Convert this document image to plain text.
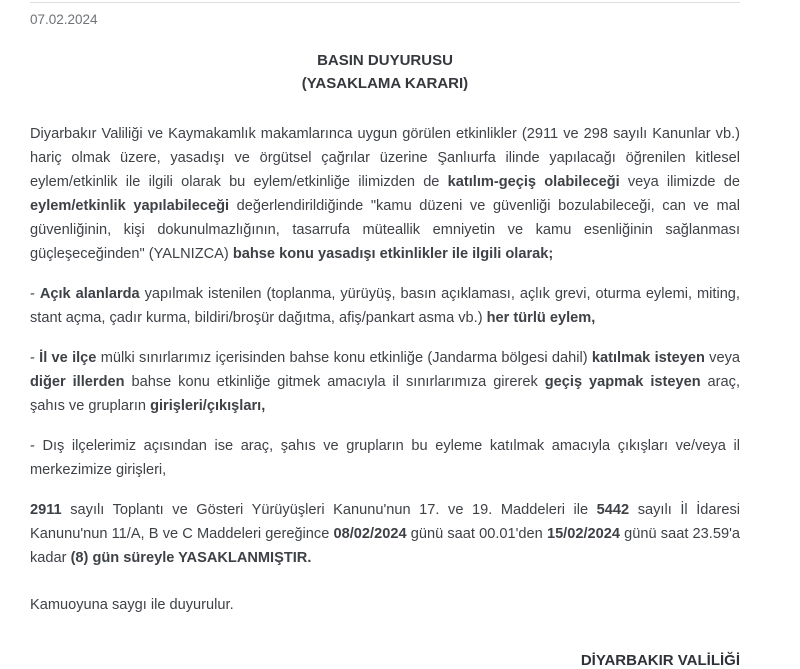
07.02.2024
BASIN DUYURUSU
(YASAKLAMA KARARI)

Diyarbakır Valiliği ve Kaymakamlık makamlarınca uygun görülen etkinlikler (2911 ve 298 sayılı Kanunlar vb.) hariç olmak üzere, yasadışı ve örgütsel çağrılar üzerine Şanlıurfa ilinde yapılacağı öğrenilen kitlesel eylem/etkinlik ile ilgili olarak bu eylem/etkinliğe ilimizden de katılım-geçiş olabileceği veya ilimizde de eylem/etkinlik yapılabileceği değerlendirildiğinde "kamu düzeni ve güvenliği bozulabileceği, can ve mal güvenliğinin, kişi dokunulmazlığının, tasarrufa müteallik emniyetin ve kamu esenliğinin sağlanması güçleşeceğinden" (YALNIZCA) bahse konu yasadışı etkinlikler ile ilgili olarak;

- Açık alanlarda yapılmak istenilen (toplanma, yürüyüş, basın açıklaması, açlık grevi, oturma eylemi, miting, stant açma, çadır kurma, bildiri/broşür dağıtma, afiş/pankart asma vb.) her türlü eylem,

- İl ve ilçe mülki sınırlarımız içerisinden bahse konu etkinliğe (Jandarma bölgesi dahil) katılmak isteyen veya diğer illerden bahse konu etkinliğe gitmek amacıyla il sınırlarımıza girerek geçiş yapmak isteyen araç, şahıs ve grupların girişleri/çıkışları,

- Dış ilçelerimiz açısından ise araç, şahıs ve grupların bu eyleme katılmak amacıyla çıkışları ve/veya il merkezimize girişleri,

2911 sayılı Toplantı ve Gösteri Yürüyüşleri Kanunu'nun 17. ve 19. Maddeleri ile 5442 sayılı İl İdaresi Kanunu'nun 11/A, B ve C Maddeleri gereğince 08/02/2024 günü saat 00.01'den 15/02/2024 günü saat 23.59'a kadar (8) gün süreyle YASAKLANMIŞTIR.

Kamuoyuna saygı ile duyurulur.
DİYARBAKIR VALİLİĞİ
